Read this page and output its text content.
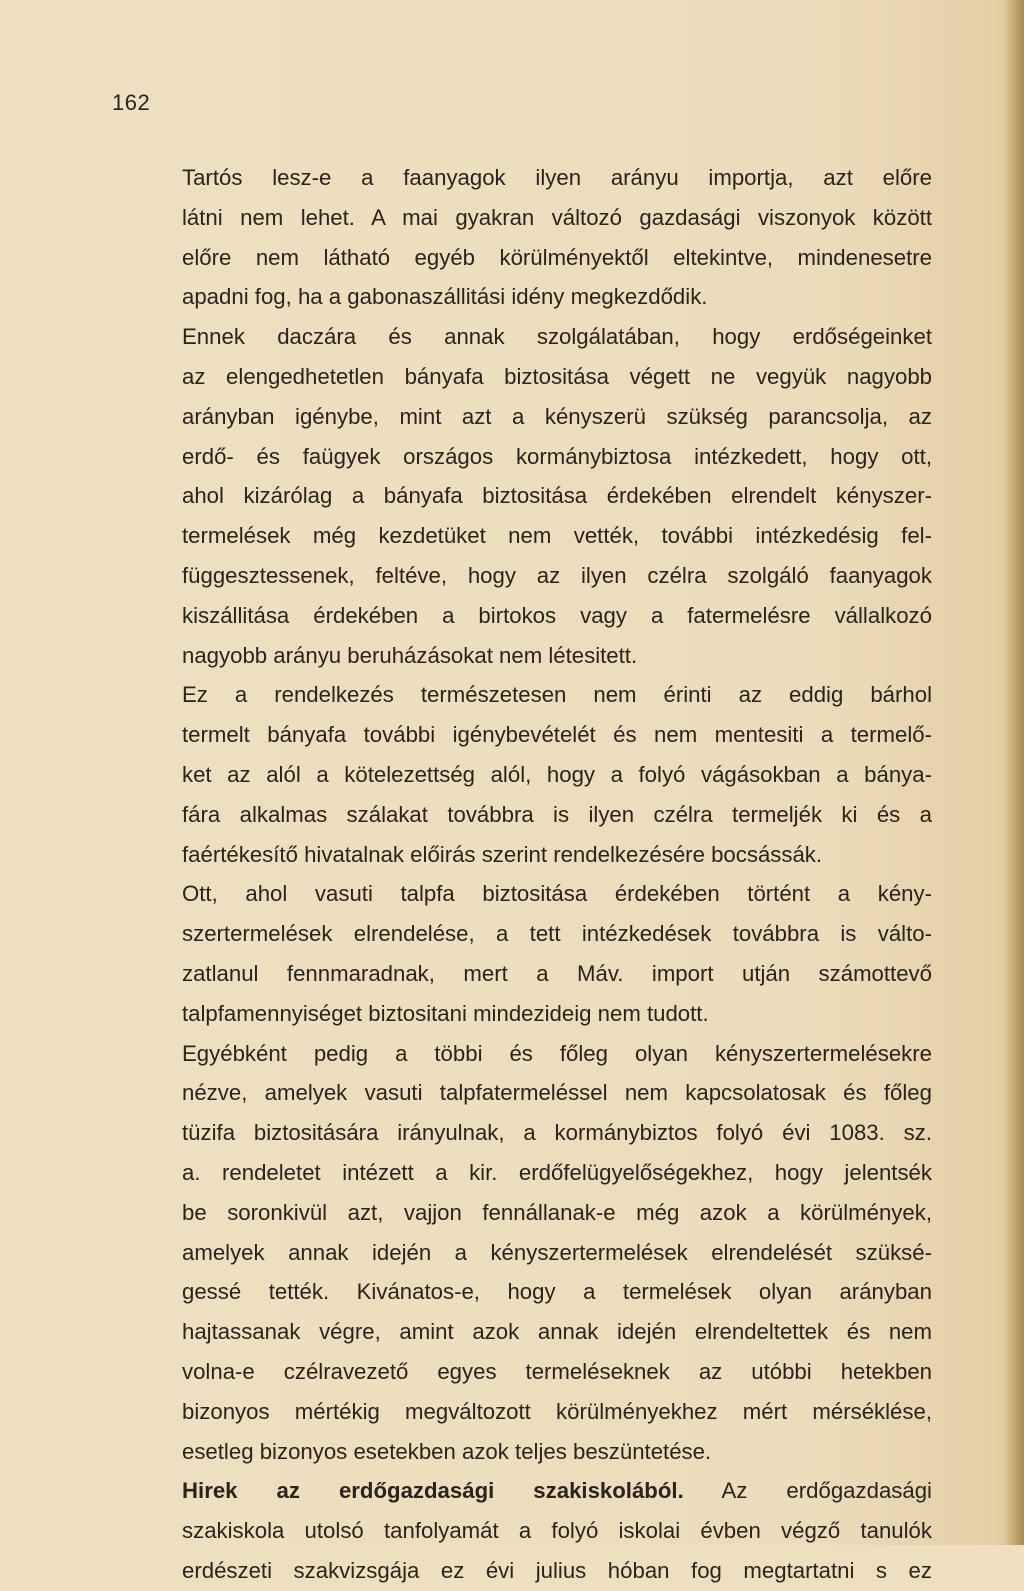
162

Tartós lesz-e a faanyagok ilyen arányu importja, azt előre
látni nem lehet. A mai gyakran változó gazdasági viszonyok között
előre nem látható egyéb körülményektől eltekintve, mindenesetre
apadni fog, ha a gabonaszállitási idény megkezdődik.

Ennek daczára és annak szolgálatában, hogy erdőségeinket
az elengedhetetlen bányafa biztositása végett ne vegyük nagyobb
arányban igénybe, mint azt a kényszerü szükség parancsolja, az
erdő- és faügyek országos kormánybiztosa intézkedett, hogy ott,
ahol kizárólag a bányafa biztositása érdekében elrendelt kényszer-
termelések még kezdetüket nem vették, további intézkedésig fel-
függesztessenek, feltéve, hogy az ilyen czélra szolgáló faanyagok
kiszállitása érdekében a birtokos vagy a fatermelésre vállalkozó
nagyobb arányu beruházásokat nem létesitett.

Ez a rendelkezés természetesen nem érinti az eddig bárhol
termelt bányafa további igénybevételét és nem mentesiti a termelő-
ket az alól a kötelezettség alól, hogy a folyó vágásokban a bánya-
fára alkalmas szálakat továbbra is ilyen czélra termeljék ki és a
faértékesítő hivatalnak előirás szerint rendelkezésére bocsássák.

Ott, ahol vasuti talpfa biztositása érdekében történt a kény-
szertermelések elrendelése, a tett intézkedések továbbra is válto-
zatlanul fennmaradnak, mert a Máv. import utján számottevő
talpfamennyiséget biztositani mindezideig nem tudott.

Egyébként pedig a többi és főleg olyan kényszertermelésekre
nézve, amelyek vasuti talpfatermeléssel nem kapcsolatosak és főleg
tüzifa biztositására irányulnak, a kormánybiztos folyó évi 1083. sz.
a. rendeletet intézett a kir. erdőfelügyelőségekhez, hogy jelentsék
be soronkivül azt, vajjon fennállanak-e még azok a körülmények,
amelyek annak idején a kényszertermelések elrendelését szüksé-
gessé tették. Kivánatos-e, hogy a termelések olyan arányban
hajtassanak végre, amint azok annak idején elrendeltettek és nem
volna-e czélravezető egyes termeléseknek az utóbbi hetekben
bizonyos mértékig megváltozott körülményekhez mért mérséklése,
esetleg bizonyos esetekben azok teljes beszüntetése.

Hirek az erdőgazdasági szakiskolából. Az erdőgazdasági
szakiskola utolsó tanfolyamát a folyó iskolai évben végző tanulók
erdészeti szakvizsgája ez évi julius hóban fog megtartatni s ez
